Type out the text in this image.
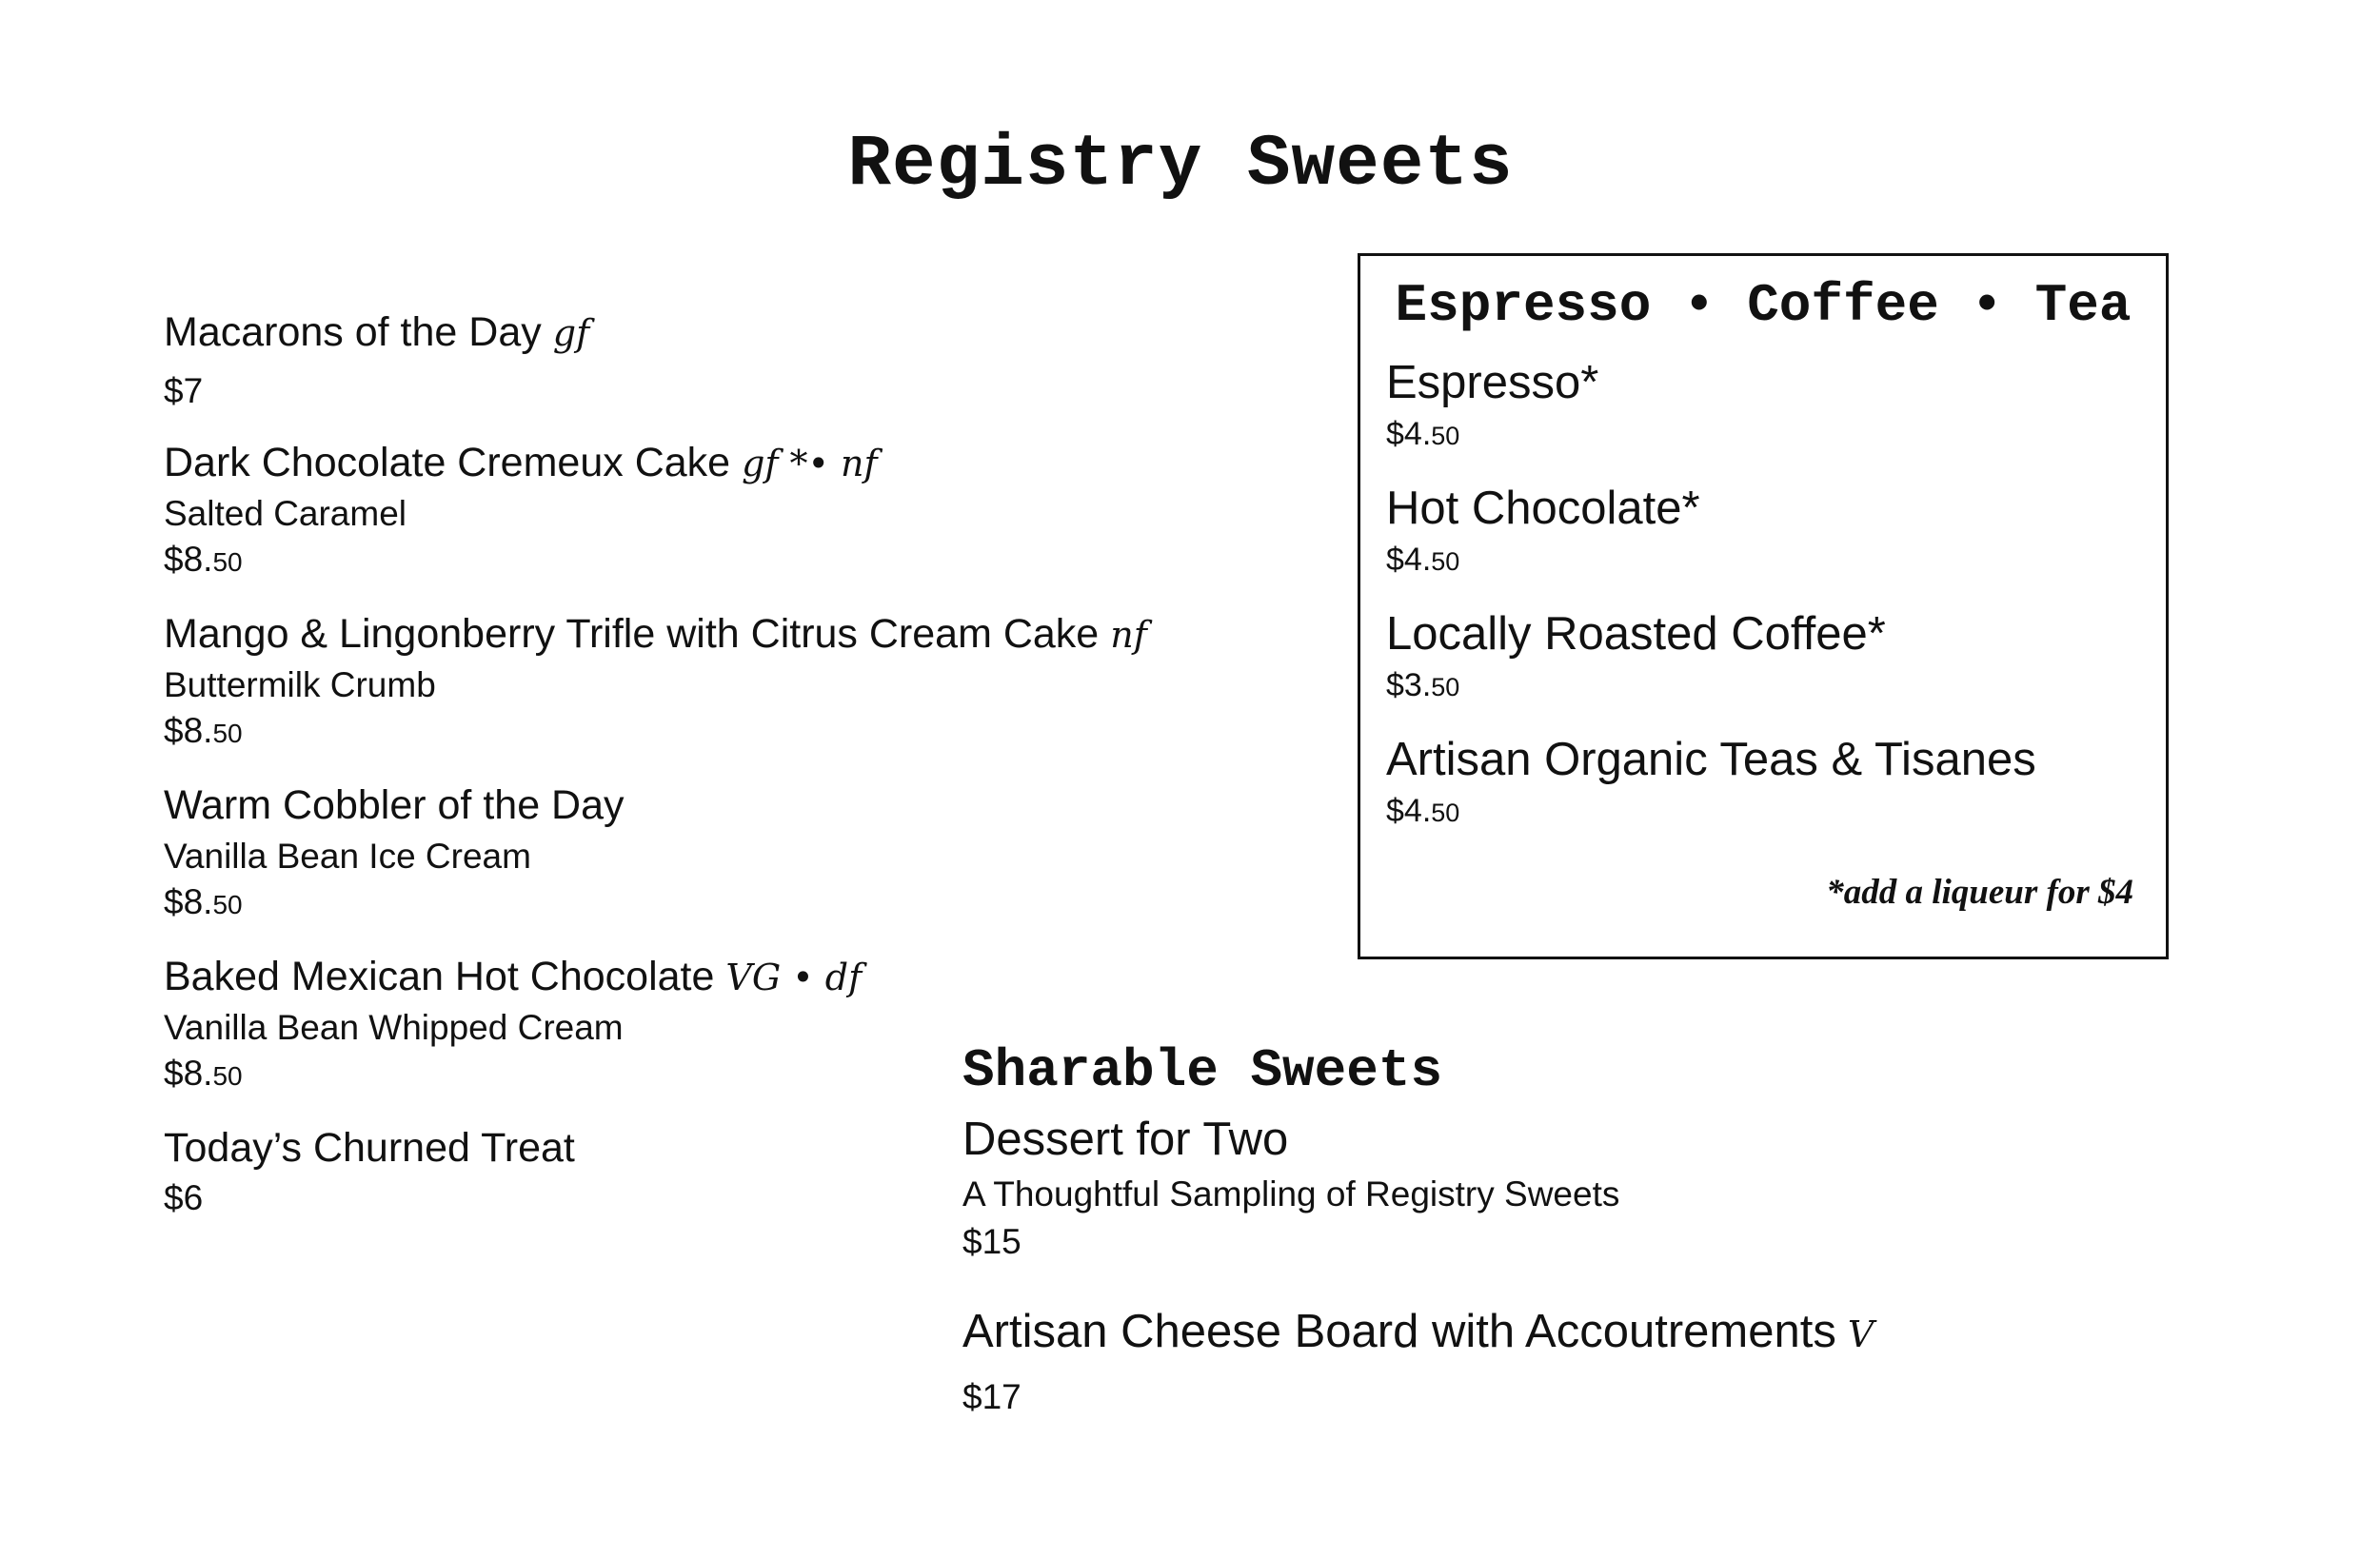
Registry Sweets
Macarons of the Day gf
$7
Dark Chocolate Cremeux Cake gf *• nf
Salted Caramel
$8.50
Mango & Lingonberry Trifle with Citrus Cream Cake nf
Buttermilk Crumb
$8.50
Warm Cobbler of the Day
Vanilla Bean Ice Cream
$8.50
Baked Mexican Hot Chocolate VG • df
Vanilla Bean Whipped Cream
$8.50
Today’s Churned Treat
$6
Espresso • Coffee • Tea
Espresso*
$4.50
Hot Chocolate*
$4.50
Locally Roasted Coffee*
$3.50
Artisan Organic Teas & Tisanes
$4.50
*add a liqueur for $4
Sharable Sweets
Dessert for Two
A Thoughtful Sampling of Registry Sweets
$15
Artisan Cheese Board with Accoutrements V
$17
